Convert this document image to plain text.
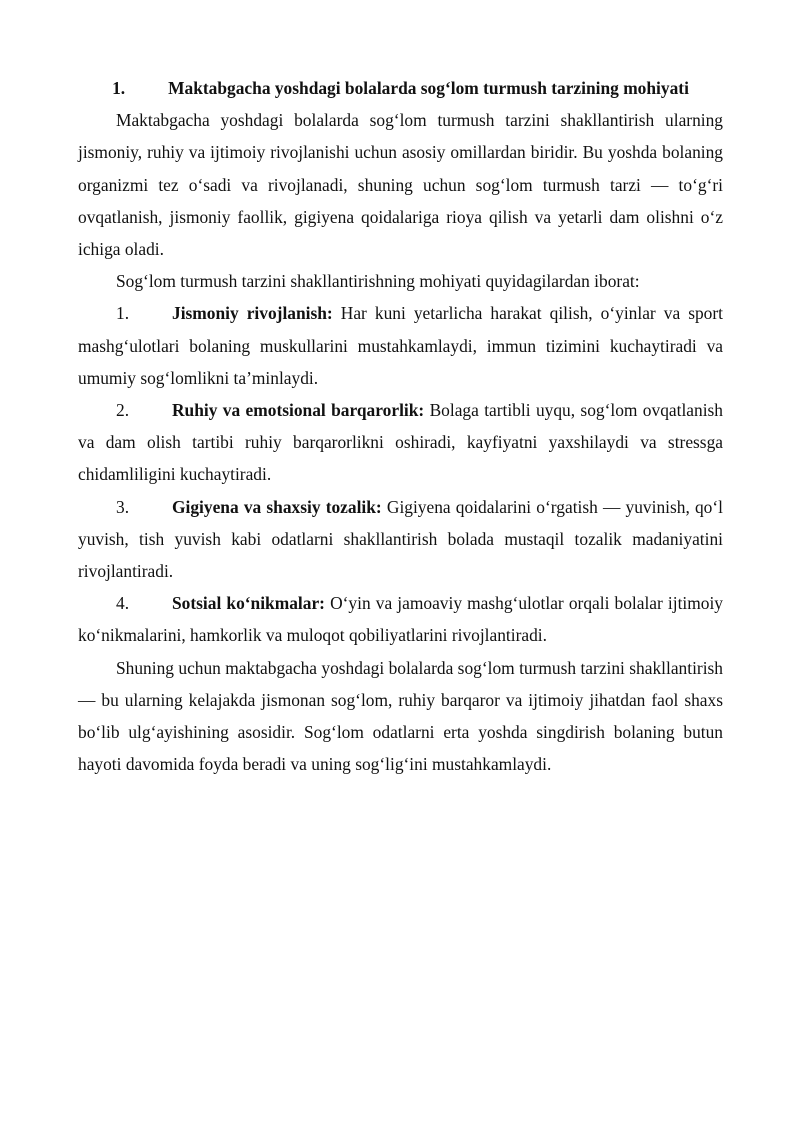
1. Maktabgacha yoshdagi bolalarda sog‘lom turmush tarzining mohiyati

Maktabgacha yoshdagi bolalarda sog‘lom turmush tarzini shakllantirish ularning jismoniy, ruhiy va ijtimoiy rivojlanishi uchun asosiy omillardan biridir. Bu yoshda bolaning organizmi tez o‘sadi va rivojlanadi, shuning uchun sog‘lom turmush tarzi — to‘g‘ri ovqatlanish, jismoniy faollik, gigiyena qoidalariga rioya qilish va yetarli dam olishni o‘z ichiga oladi.

Sog‘lom turmush tarzini shakllantirishning mohiyati quyidagilardan iborat:

1. Jismoniy rivojlanish: Har kuni yetarlicha harakat qilish, o‘yinlar va sport mashg‘ulotlari bolaning muskullarini mustahkamlaydi, immun tizimini kuchaytiradi va umumiy sog‘lomlikni ta’minlaydi.

2. Ruhiy va emotsional barqarorlik: Bolaga tartibli uyqu, sog‘lom ovqatlanish va dam olish tartibi ruhiy barqarorlikni oshiradi, kayfiyatni yaxshilaydi va stressga chidamliligini kuchaytiradi.

3. Gigiyena va shaxsiy tozalik: Gigiyena qoidalarini o‘rgatish — yuvinish, qo‘l yuvish, tish yuvish kabi odatlarni shakllantirish bolada mustaqil tozalik madaniyatini rivojlantiradi.

4. Sotsial ko‘nikmalar: O‘yin va jamoaviy mashg‘ulotlar orqali bolalar ijtimoiy ko‘nikmalarini, hamkorlik va muloqot qobiliyatlarini rivojlantiradi.

Shuning uchun maktabgacha yoshdagi bolalarda sog‘lom turmush tarzini shakllantirish — bu ularning kelajakda jismonan sog‘lom, ruhiy barqaror va ijtimoiy jihatdan faol shaxs bo‘lib ulg‘ayishining asosidir. Sog‘lom odatlarni erta yoshda singdirish bolaning butun hayoti davomida foyda beradi va uning sog‘lig‘ini mustahkamlaydi.
